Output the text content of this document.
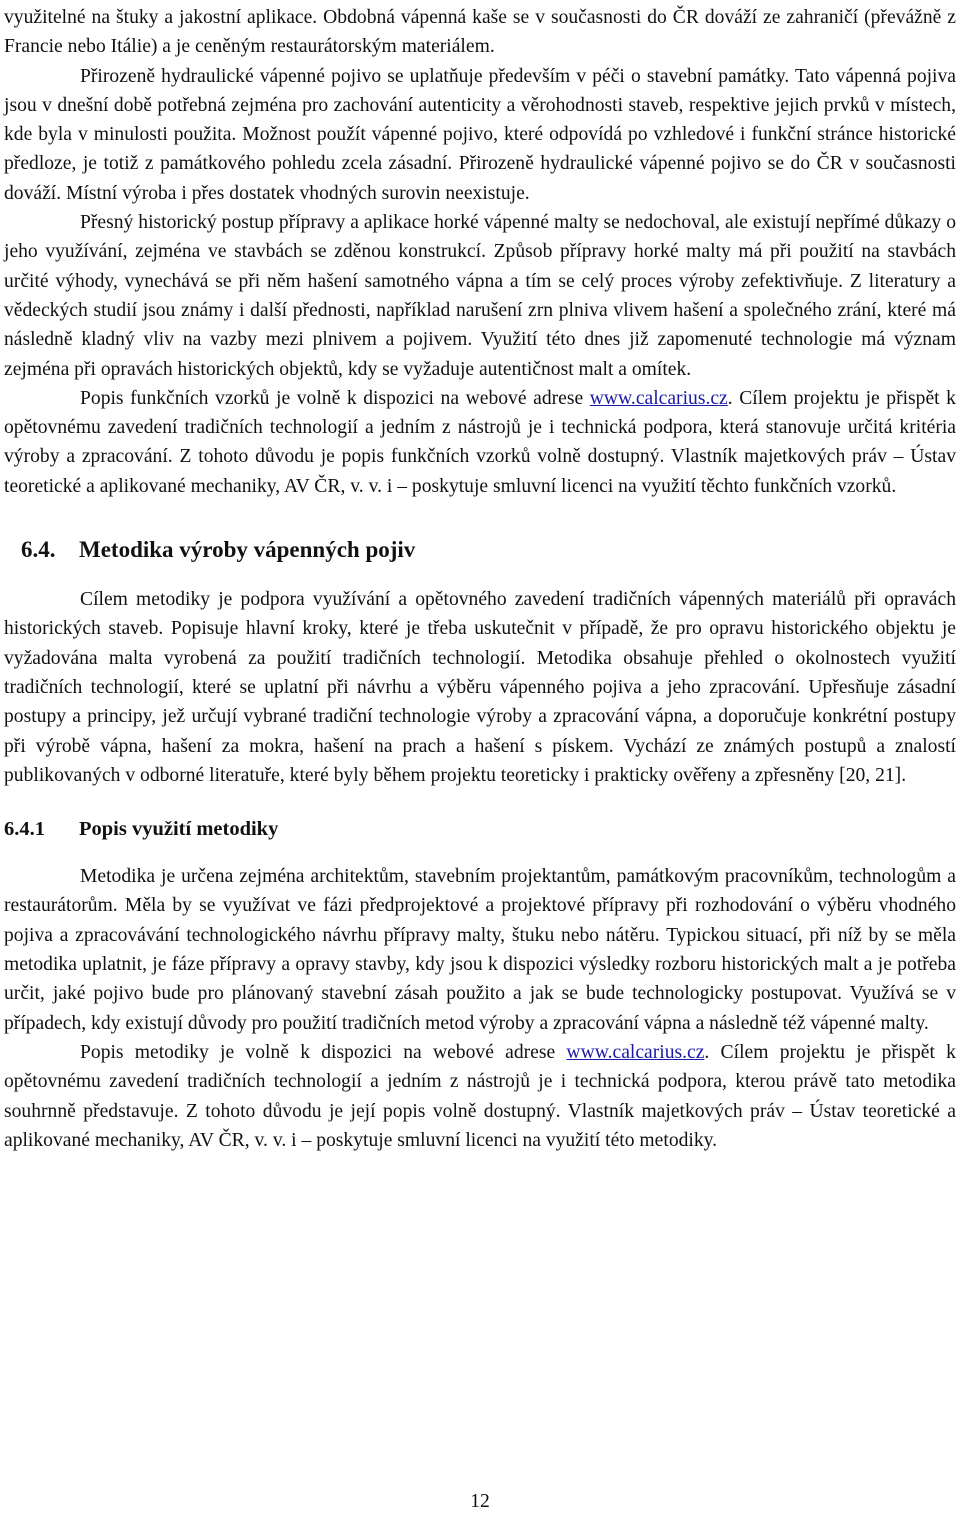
využitelné na štuky a jakostní aplikace. Obdobná vápenná kaše se v současnosti do ČR dováží ze zahraničí (převážně z Francie nebo Itálie) a je ceněným restaurátorským materiálem.

Přirozeně hydraulické vápenné pojivo se uplatňuje především v péči o stavební památky. Tato vápenná pojiva jsou v dnešní době potřebná zejména pro zachování autenticity a věrohodnosti staveb, respektive jejich prvků v místech, kde byla v minulosti použita. Možnost použít vápenné pojivo, které odpovídá po vzhledové i funkční stránce historické předloze, je totiž z památkového pohledu zcela zásadní. Přirozeně hydraulické vápenné pojivo se do ČR v současnosti dováží. Místní výroba i přes dostatek vhodných surovin neexistuje.

Přesný historický postup přípravy a aplikace horké vápenné malty se nedochoval, ale existují nepřímé důkazy o jeho využívání, zejména ve stavbách se zděnou konstrukcí. Způsob přípravy horké malty má při použití na stavbách určité výhody, vynechává se při něm hašení samotného vápna a tím se celý proces výroby zefektivňuje. Z literatury a vědeckých studií jsou známy i další přednosti, například narušení zrn plniva vlivem hašení a společného zrání, které má následně kladný vliv na vazby mezi plnivem a pojivem. Využití této dnes již zapomenuté technologie má význam zejména při opravách historických objektů, kdy se vyžaduje autentičnost malt a omítek.

Popis funkčních vzorků je volně k dispozici na webové adrese www.calcarius.cz. Cílem projektu je přispět k opětovnému zavedení tradičních technologií a jedním z nástrojů je i technická podpora, která stanovuje určitá kritéria výroby a zpracování. Z tohoto důvodu je popis funkčních vzorků volně dostupný. Vlastník majetkových práv – Ústav teoretické a aplikované mechaniky, AV ČR, v. v. i – poskytuje smluvní licenci na využití těchto funkčních vzorků.

6.4. Metodika výroby vápenných pojiv

Cílem metodiky je podpora využívání a opětovného zavedení tradičních vápenných materiálů při opravách historických staveb. Popisuje hlavní kroky, které je třeba uskutečnit v případě, že pro opravu historického objektu je vyžadována malta vyrobená za použití tradičních technologií. Metodika obsahuje přehled o okolnostech využití tradičních technologií, které se uplatní při návrhu a výběru vápenného pojiva a jeho zpracování. Upřesňuje zásadní postupy a principy, jež určují vybrané tradiční technologie výroby a zpracování vápna, a doporučuje konkrétní postupy při výrobě vápna, hašení za mokra, hašení na prach a hašení s pískem. Vychází ze známých postupů a znalostí publikovaných v odborné literatuře, které byly během projektu teoreticky i prakticky ověřeny a zpřesněny [20, 21].

6.4.1 Popis využití metodiky

Metodika je určena zejména architektům, stavebním projektantům, památkovým pracovníkům, technologům a restaurátorům. Měla by se využívat ve fázi předprojektové a projektové přípravy při rozhodování o výběru vhodného pojiva a zpracovávání technologického návrhu přípravy malty, štuku nebo nátěru. Typickou situací, při níž by se měla metodika uplatnit, je fáze přípravy a opravy stavby, kdy jsou k dispozici výsledky rozboru historických malt a je potřeba určit, jaké pojivo bude pro plánovaný stavební zásah použito a jak se bude technologicky postupovat. Využívá se v případech, kdy existují důvody pro použití tradičních metod výroby a zpracování vápna a následně též vápenné malty.

Popis metodiky je volně k dispozici na webové adrese www.calcarius.cz. Cílem projektu je přispět k opětovnému zavedení tradičních technologií a jedním z nástrojů je i technická podpora, kterou právě tato metodika souhrnně představuje. Z tohoto důvodu je její popis volně dostupný. Vlastník majetkových práv – Ústav teoretické a aplikované mechaniky, AV ČR, v. v. i – poskytuje smluvní licenci na využití této metodiky.

12
